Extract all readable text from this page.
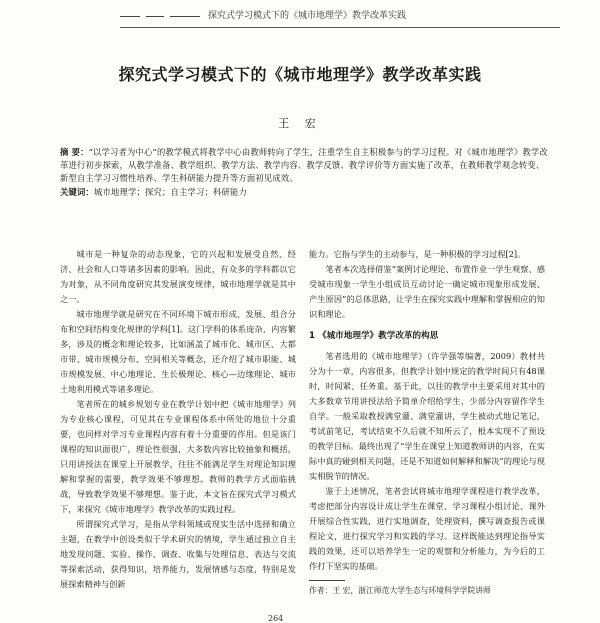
探究式学习模式下的《城市地理学》教学改革实践
探究式学习模式下的《城市地理学》教学改革实践
王 宏

摘 要：“以学习者为中心”的教学模式将教学中心由教师转向了学生，注重学生自主积极参与的学习过程。对《城市地理学》教学改革进行初步探索，从教学准备、教学组织、教学方法、教学内容、教学反馈、教学评价等方面实施了改革，在教师教学观念转变、新型自主学习习惯性培养、学生科研能力提升等方面初见成效。

关键词：城市地理学；探究；自主学习；科研能力

城市是一种复杂的动态现象，它的兴起和发展受自然、经济、社会和人口等诸多因素的影响。因此，有众多的学科都以它为对象，从不同角度研究其发展演变规律，城市地理学就是其中之一。

城市地理学就是研究在不同环境下城市形成、发展、组合分布和空间结构变化规律的学科[1]。这门学科的体系庞杂，内容繁多，涉及的概念和理论较多，比如涵盖了城市化、城市区、大都市带、城市规模分布、空间相关等概念，还介绍了城市职能、城市规模发展、中心地理论、生长极理论、核心—边缘理论、城市土地利用模式等诸多理论。

笔者所在的城乡规划专业在教学计划中把《城市地理学》列为专业核心课程，可见其在专业课程体系中所处的地位十分重要，也同样对学习专业课程内容有着十分重要的作用。但是该门课程的知识面很广，理论性很强，大多数内容比较抽象和概括，只用讲授法在课堂上开展教学，往往不能满足学生对理论知识理解和掌握的需要，教学效果不够理想。教师的教学方式面临挑战，导致教学效果不够理想。鉴于此，本文旨在探究式学习模式下，来探究《城市地理学》教学改革的实践过程。

所谓探究式学习，是指从学科领域或现实生活中选择和确立主题，在教学中创设类似于学术研究的情境，学生通过独立自主地发现问题、实验、操作、调查、收集与处理信息、表达与交流等探索活动，获得知识，培养能力，发展情感与态度，特别是发展探索精神与创新

能力。它指与学生的主动参与，是一种积极的学习过程[2]。

笔者本次选择借鉴“案例讨论理论、布置作业一学生观察、感受城市现象一学生小组成员互动讨论一确定城市现象形成发展、产生原因”的总体思路，让学生在探究实践中理解和掌握相应的知识和理论。

1 《城市地理学》教学改革的构思

笔者选用的《城市地理学》（许学强等编著，2009）教材共分为十一章，内容很多，但教学计划中规定的教学时间只有48课时，时间紧、任务重。基于此，以往的教学中主要采用对其中的大多数章节用讲授法给予简单介绍给学生，少部分内容留作学生自学。一般采取教授满堂灌、满堂灌讲，学生被动式地记笔记，考试前笔记，考试结束不久后就不知所云了，根本实现不了预设的教学目标。最终出现了“学生在课堂上知道教师讲的内容，在实际中真的碰到相关问题，还是不知道如何解释和解决”的理论与现实相脱节的情况。

鉴于上述情况，笔者尝试将城市地理学课程进行教学改革，考虑把部分内容设计成让学生在课堂、学习课程小组讨论、课外开展综合性实践，进行实地调查，处理资料，撰写调查报告或课程论文，进行探究学习和实践的学习。这样既能达到理论指导实践的效果，还可以培养学生一定的观察和分析能力，为今后的工作打下坚实的基础。

作者：王 宏，浙江师范大学生态与环境科学学院讲师
264
